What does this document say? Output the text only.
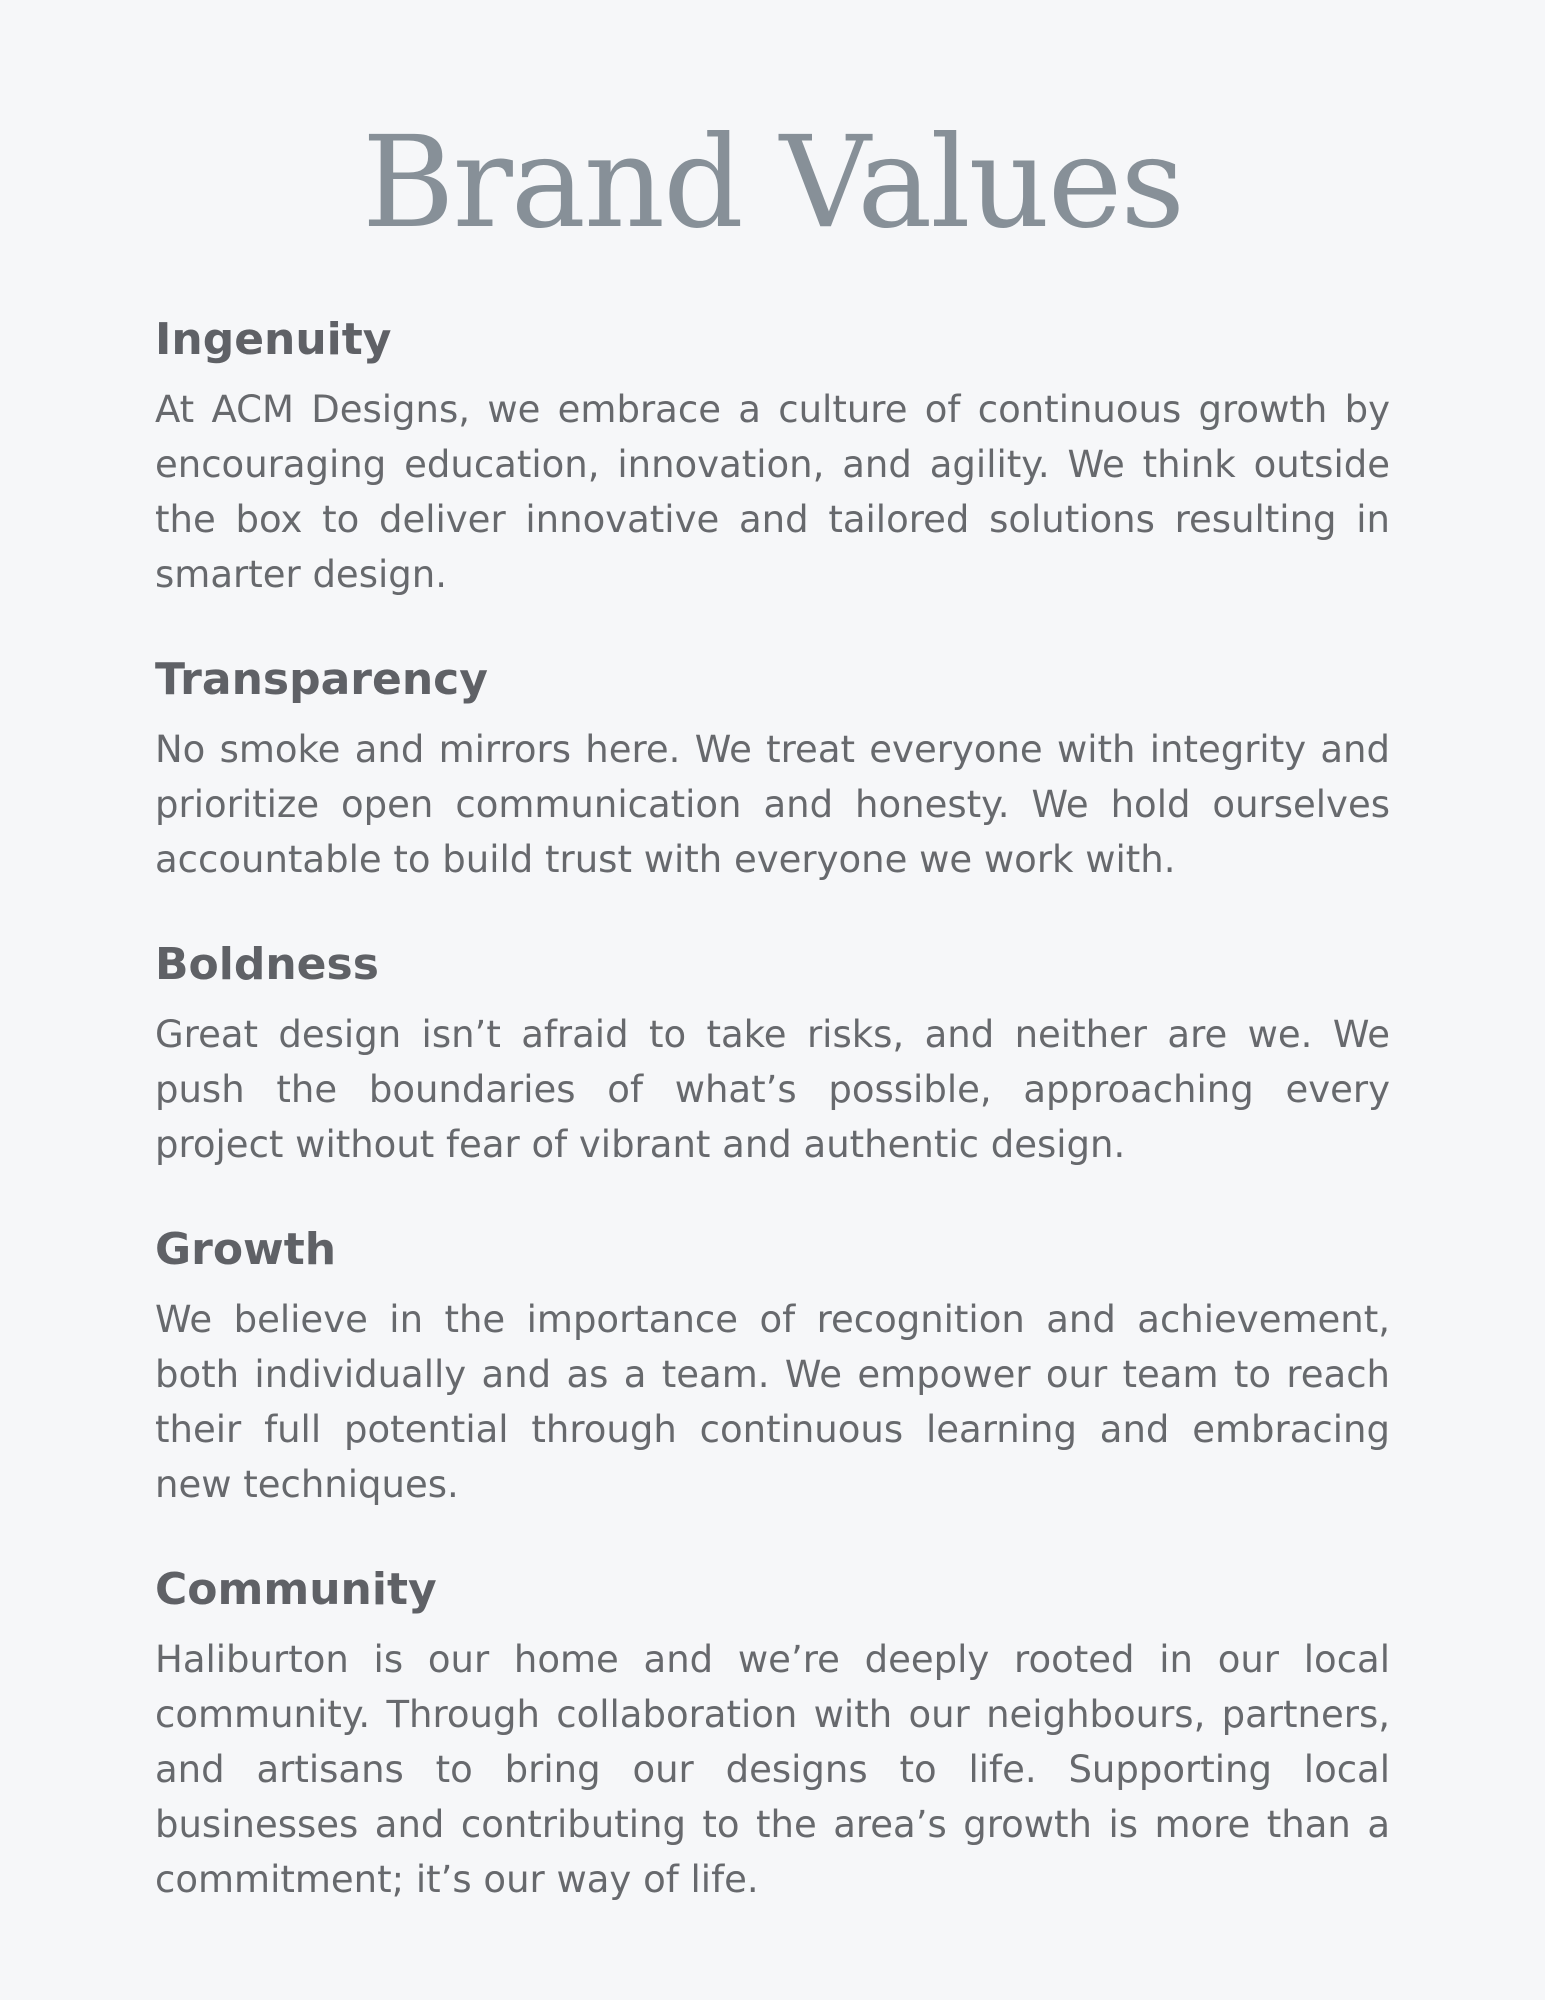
Brand Values
Ingenuity

At ACM Designs, we embrace a culture of continuous growth by encouraging education, innovation, and agility. We think outside the box to deliver innovative and tailored solutions resulting in smarter design.

Transparency

No smoke and mirrors here. We treat everyone with integrity and prioritize open communication and honesty. We hold ourselves accountable to build trust with everyone we work with.

Boldness

Great design isn’t afraid to take risks, and neither are we. We push the boundaries of what’s possible, approaching every project without fear of vibrant and authentic design.

Growth

We believe in the importance of recognition and achievement, both individually and as a team. We empower our team to reach their full potential through continuous learning and embracing new techniques.

Community

Haliburton is our home and we’re deeply rooted in our local community. Through collaboration with our neighbours, partners, and artisans to bring our designs to life. Supporting local businesses and contributing to the area’s growth is more than a commitment; it’s our way of life.
